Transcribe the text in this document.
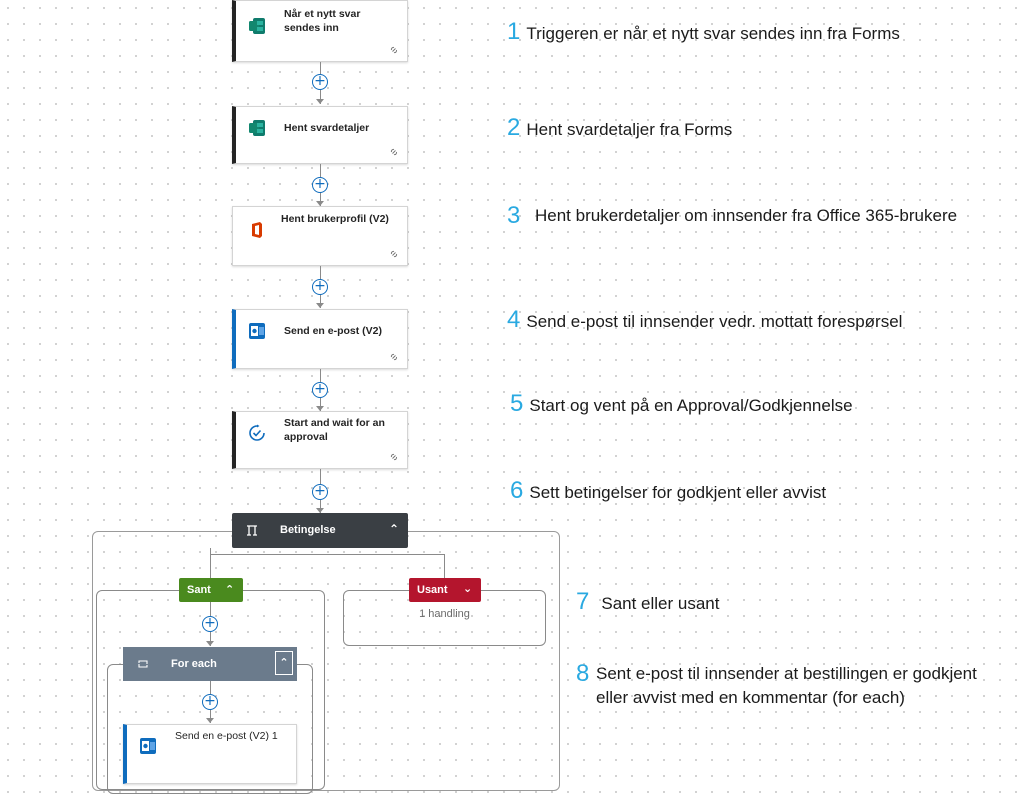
Når et nytt svar sendes inn
+
Hent svardetaljer
+
Hent brukerprofil (V2)
+
Send en e-post (V2)
+
Start and wait for an approval
+
Betingelse	⌃
Sant ⌃	Usant ⌄
1 handling
+
For each	⌃
+
Send en e-post (V2) 1
1 Triggeren er når et nytt svar sendes inn fra Forms
2 Hent svardetaljer fra Forms
3 Hent brukerdetaljer om innsender fra Office 365-brukere
4 Send e-post til innsender vedr. mottatt forespørsel
5 Start og vent på en Approval/Godkjennelse
6 Sett betingelser for godkjent eller avvist
7 Sant eller usant
8 Sent e-post til innsender at bestillingen er godkjent eller avvist med en kommentar (for each)
